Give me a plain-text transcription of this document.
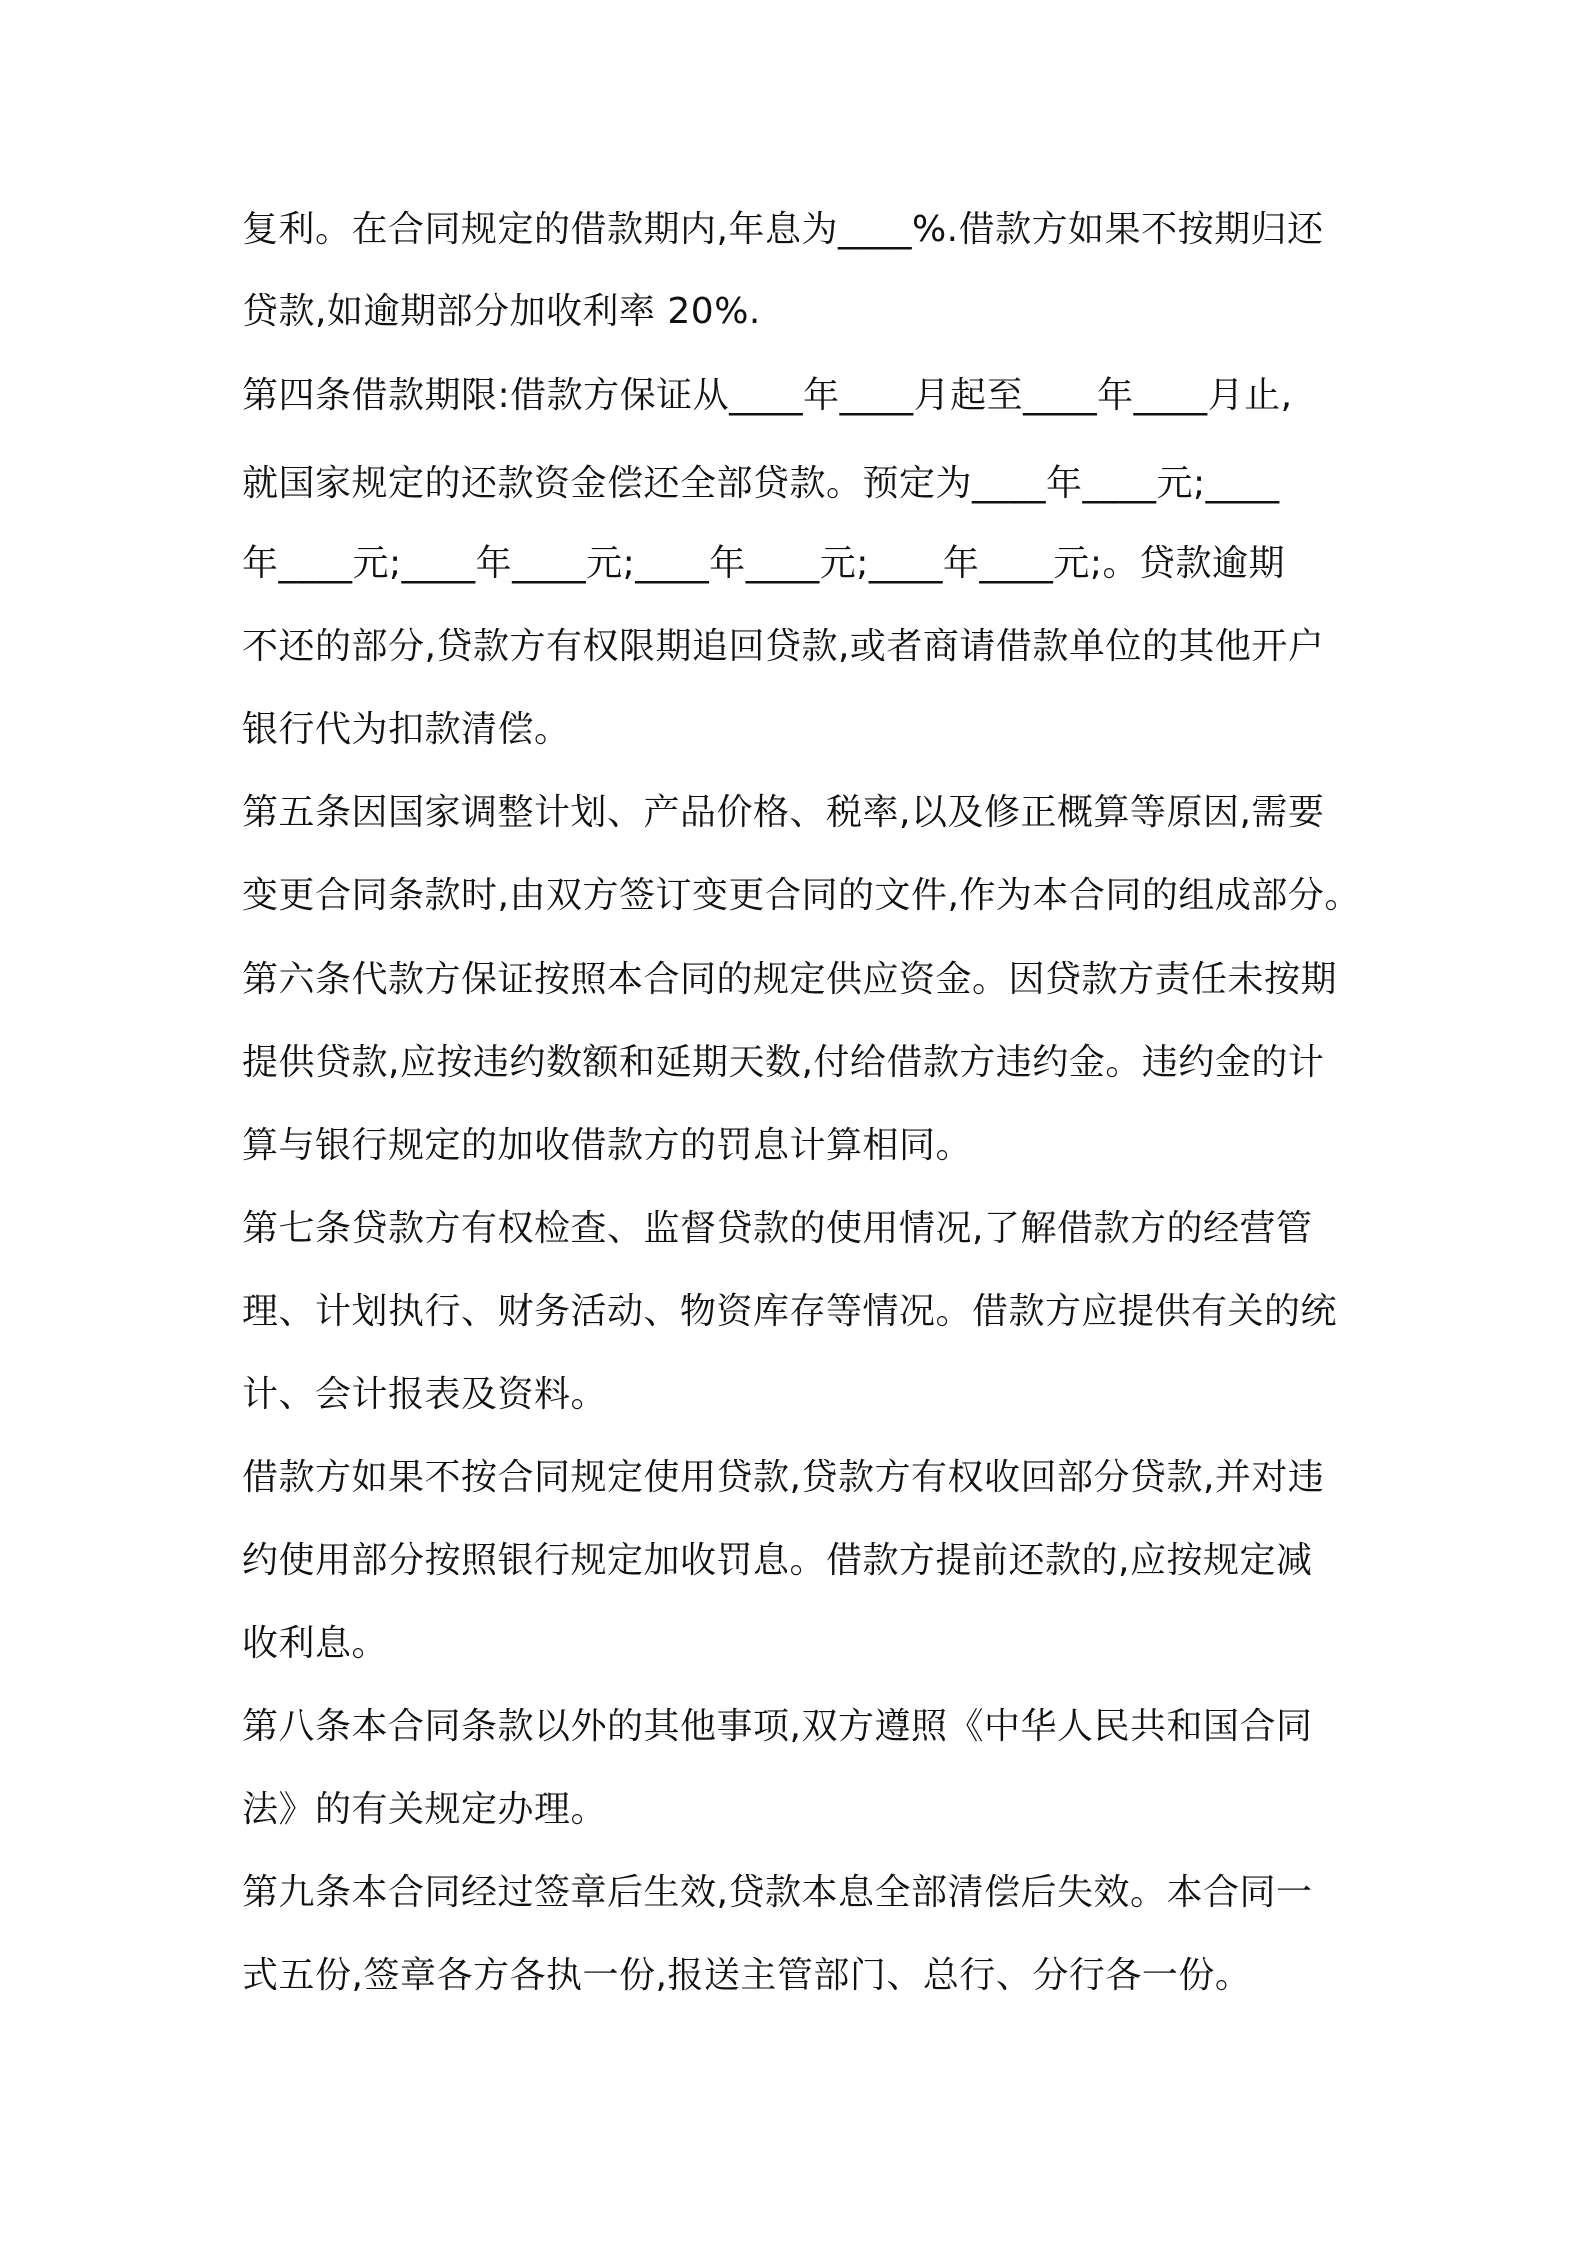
复利。在合同规定的借款期内,年息为____%.借款方如果不按期归还
贷款,如逾期部分加收利率 20%.
第四条借款期限:借款方保证从____年____月起至____年____月止,
就国家规定的还款资金偿还全部贷款。预定为____年____元;____
年____元;____年____元;____年____元;____年____元;。贷款逾期
不还的部分,贷款方有权限期追回贷款,或者商请借款单位的其他开户
银行代为扣款清偿。
第五条因国家调整计划、产品价格、税率,以及修正概算等原因,需要
变更合同条款时,由双方签订变更合同的文件,作为本合同的组成部分。
第六条代款方保证按照本合同的规定供应资金。因贷款方责任未按期
提供贷款,应按违约数额和延期天数,付给借款方违约金。违约金的计
算与银行规定的加收借款方的罚息计算相同。
第七条贷款方有权检查、监督贷款的使用情况,了解借款方的经营管
理、计划执行、财务活动、物资库存等情况。借款方应提供有关的统
计、会计报表及资料。
借款方如果不按合同规定使用贷款,贷款方有权收回部分贷款,并对违
约使用部分按照银行规定加收罚息。借款方提前还款的,应按规定减
收利息。
第八条本合同条款以外的其他事项,双方遵照《中华人民共和国合同
法》的有关规定办理。
第九条本合同经过签章后生效,贷款本息全部清偿后失效。本合同一
式五份,签章各方各执一份,报送主管部门、总行、分行各一份。
